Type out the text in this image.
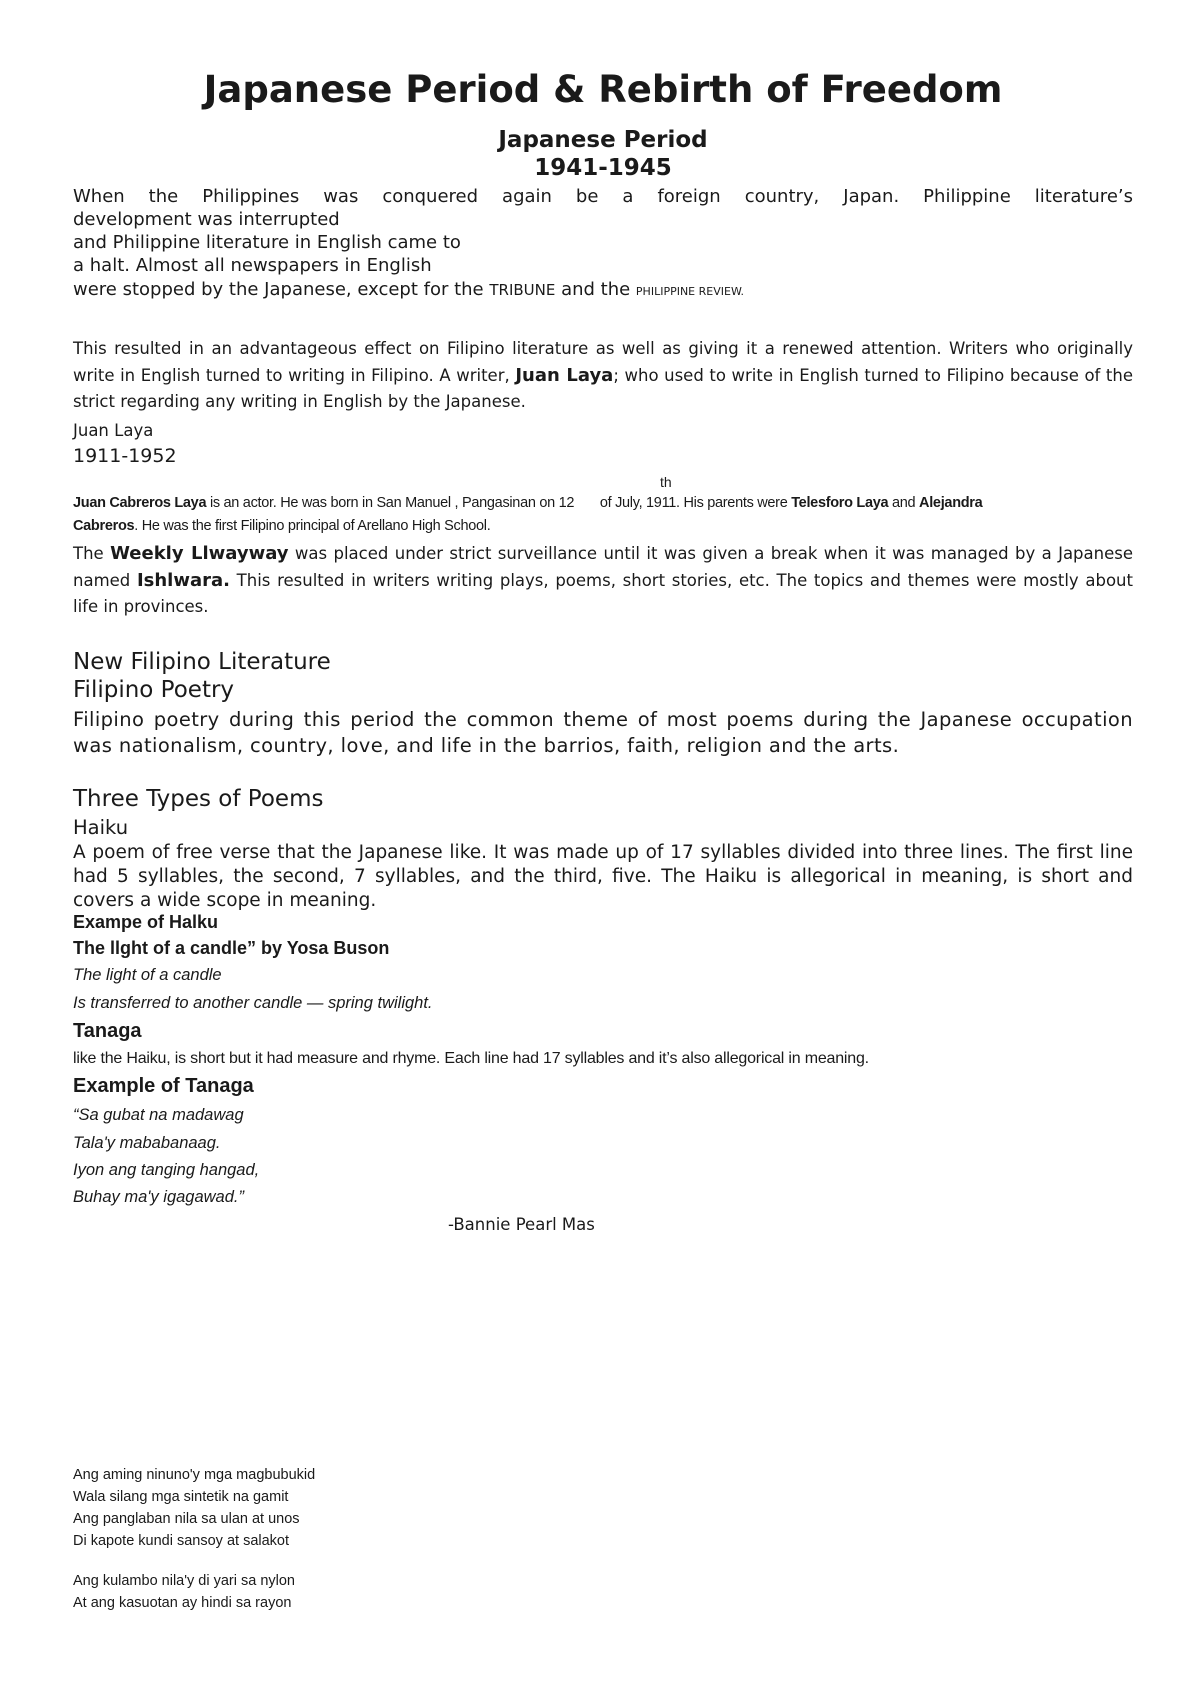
Japanese Period & Rebirth of Freedom
Japanese Period
1941-1945
When the Philippines was conquered again be a foreign country, Japan. Philippine literature’s
development was interrupted
and Philippine literature in English came to
a halt. Almost all newspapers in English
were stopped by the Japanese, except for the TRIBUNE and the PHILIPPINE REVIEW.
This resulted in an advantageous effect on Filipino literature as well as giving it a renewed attention. Writers who originally write in English turned to writing in Filipino. A writer, Juan Laya; who used to write in English turned to Filipino because of the strict regarding any writing in English by the Japanese.
Juan Laya
1911-1952
th
Juan Cabreros Laya is an actor. He was born in San Manuel , Pangasinan on 12 of July, 1911. His parents were Telesforo Laya and Alejandra
Cabreros. He was the first Filipino principal of Arellano High School.
The Weekly Llwayway was placed under strict surveillance until it was given a break when it was managed by a Japanese named Ishlwara. This resulted in writers writing plays, poems, short stories, etc. The topics and themes were mostly about life in provinces.
New Filipino Literature
Filipino Poetry
Filipino poetry during this period the common theme of most poems during the Japanese occupation was nationalism, country, love, and life in the barrios, faith, religion and the arts.
Three Types of Poems
Haiku
A poem of free verse that the Japanese like. It was made up of 17 syllables divided into three lines. The first line had 5 syllables, the second, 7 syllables, and the third, five. The Haiku is allegorical in meaning, is short and covers a wide scope in meaning.
Exampe of Halku
The llght of a candle” by Yosa Buson
The light of a candle
Is transferred to another candle — spring twilight.
Tanaga
like the Haiku, is short but it had measure and rhyme. Each line had 17 syllables and it’s also allegorical in meaning.
Example of Tanaga
“Sa gubat na madawag
Tala'y mababanaag.
Iyon ang tanging hangad,
Buhay ma'y igagawad.”
-Bannie Pearl Mas
Ang aming ninuno'y mga magbubukid
Wala silang mga sintetik na gamit
Ang panglaban nila sa ulan at unos
Di kapote kundi sansoy at salakot
Ang kulambo nila'y di yari sa nylon
At ang kasuotan ay hindi sa rayon
